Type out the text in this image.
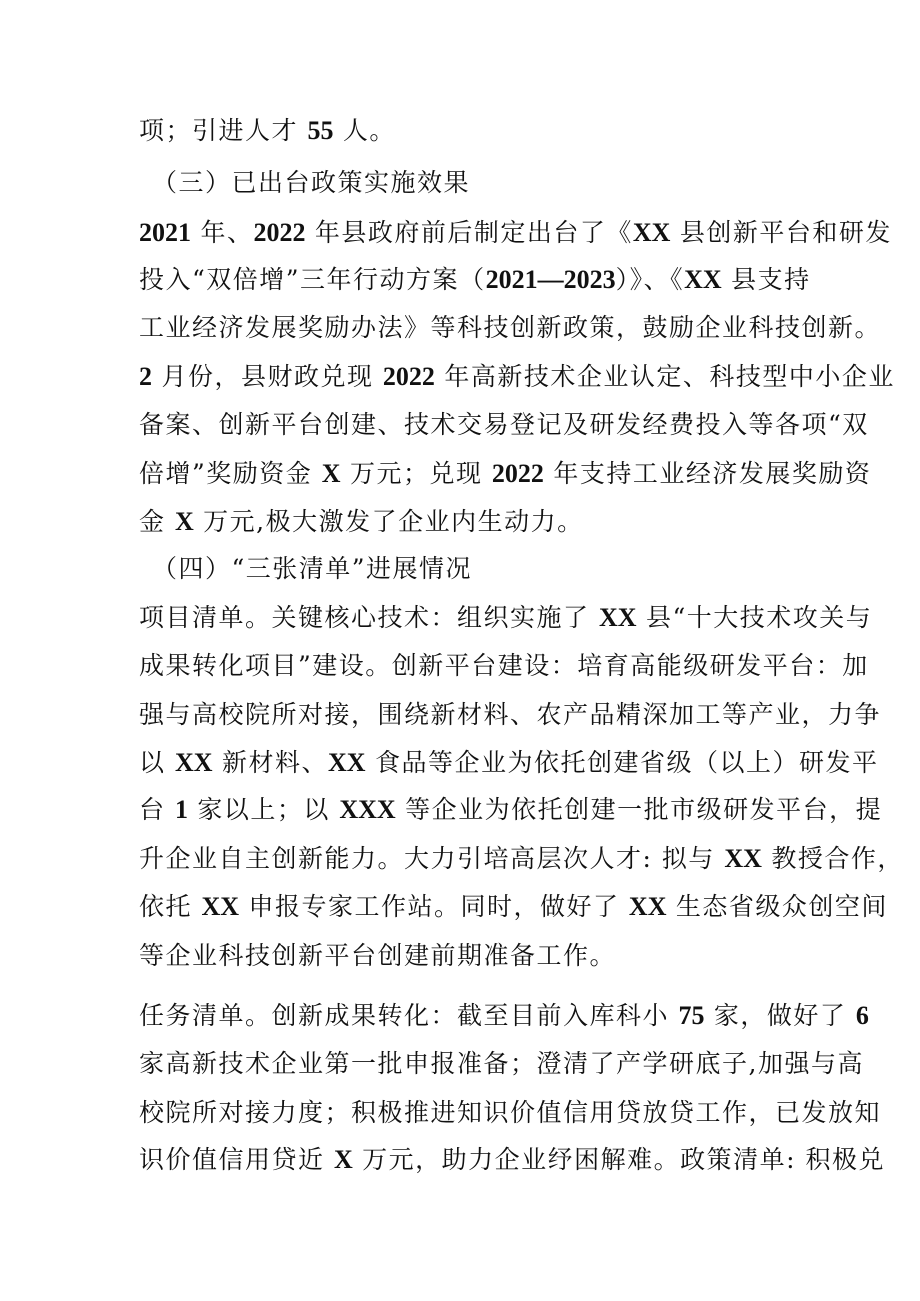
项；引进人才 55 人。
（三）已出台政策实施效果
2021 年、2022 年县政府前后制定出台了《XX 县创新平台和研发
投入“双倍增”三年行动方案（2021—2023）》、《XX 县支持
工业经济发展奖励办法》等科技创新政策，鼓励企业科技创新。
2 月份，县财政兑现 2022 年高新技术企业认定、科技型中小企业
备案、创新平台创建、技术交易登记及研发经费投入等各项“双
倍增”奖励资金 X 万元；兑现 2022 年支持工业经济发展奖励资
金 X 万元,极大激发了企业内生动力。
（四）“三张清单”进展情况
项目清单。关键核心技术：组织实施了 XX 县“十大技术攻关与
成果转化项目”建设。创新平台建设：培育高能级研发平台：加
强与高校院所对接，围绕新材料、农产品精深加工等产业，力争
以 XX 新材料、XX 食品等企业为依托创建省级（以上）研发平
台 1 家以上；以 XXX 等企业为依托创建一批市级研发平台，提
升企业自主创新能力。大力引培高层次人才: 拟与 XX 教授合作，
依托 XX 申报专家工作站。同时，做好了 XX 生态省级众创空间
等企业科技创新平台创建前期准备工作。
任务清单。创新成果转化：截至目前入库科小 75 家，做好了 6
家高新技术企业第一批申报准备；澄清了产学研底子,加强与高
校院所对接力度；积极推进知识价值信用贷放贷工作，已发放知
识价值信用贷近 X 万元，助力企业纾困解难。政策清单: 积极兑
